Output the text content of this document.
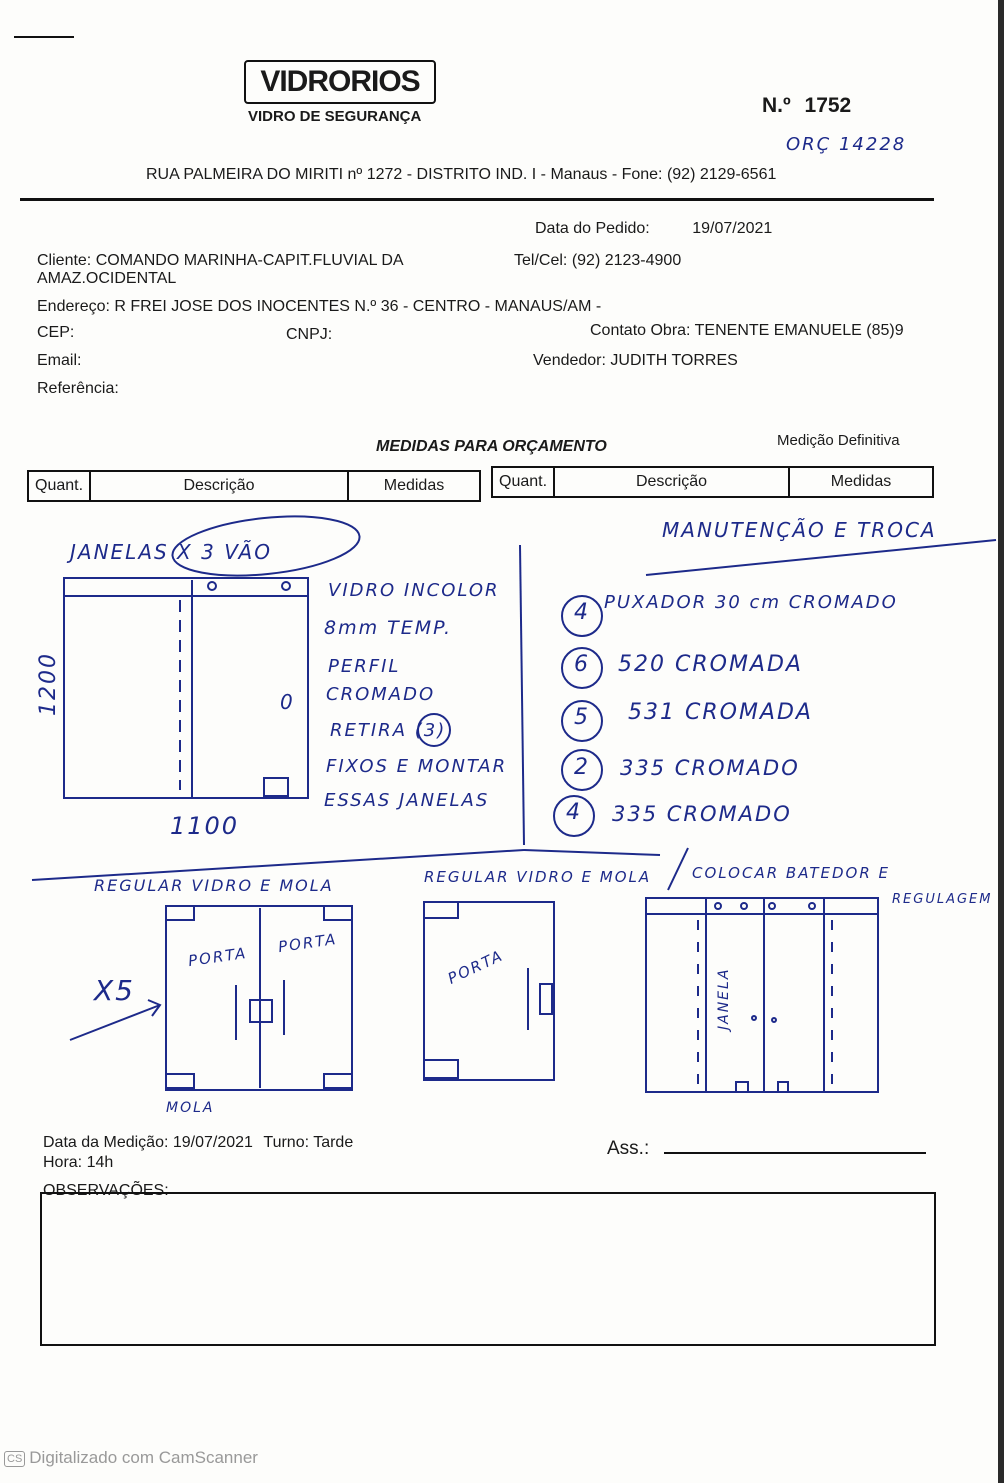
VIDRORIOS
VIDRO DE SEGURANÇA	N.º 1752
ORÇ 14228
RUA PALMEIRA DO MIRITI nº 1272 - DISTRITO IND. I - Manaus - Fone: (92) 2129-6561
Data do Pedido:	19/07/2021
Cliente: COMANDO MARINHA-CAPIT.FLUVIAL DA
AMAZ.OCIDENTAL
Tel/Cel: (92) 2123-4900
Endereço: R FREI JOSE DOS INOCENTES N.º 36 - CENTRO - MANAUS/AM -
CEP:	CNPJ:	Contato Obra: TENENTE EMANUELE (85)9
Email:	Vendedor: JUDITH TORRES
Referência:
MEDIDAS PARA ORÇAMENTO	Medição Definitiva
Quant.	Descrição	Medidas	Quant.	Descrição	Medidas
JANELAS X 3 VÃO
1200
1100
0
VIDRO INCOLOR
8mm TEMP.
PERFIL
CROMADO
RETIRA (3)
FIXOS E MONTAR
ESSAS JANELAS
MANUTENÇÃO E TROCA
4 PUXADOR 30 cm CROMADO
6 520 CROMADA
5 531 CROMADA
2 335 CROMADO
4 335 CROMADO
REGULAR VIDRO E MOLA	REGULAR VIDRO E MOLA	COLOCAR BATEDOR E
REGULAGEM
PORTA
PORTA
PORTA
X5
MOLA
JANELA
Data da Medição: 19/07/2021 Turno: Tarde
Hora: 14h
Ass.:
OBSERVAÇÕES:
CS Digitalizado com CamScanner
